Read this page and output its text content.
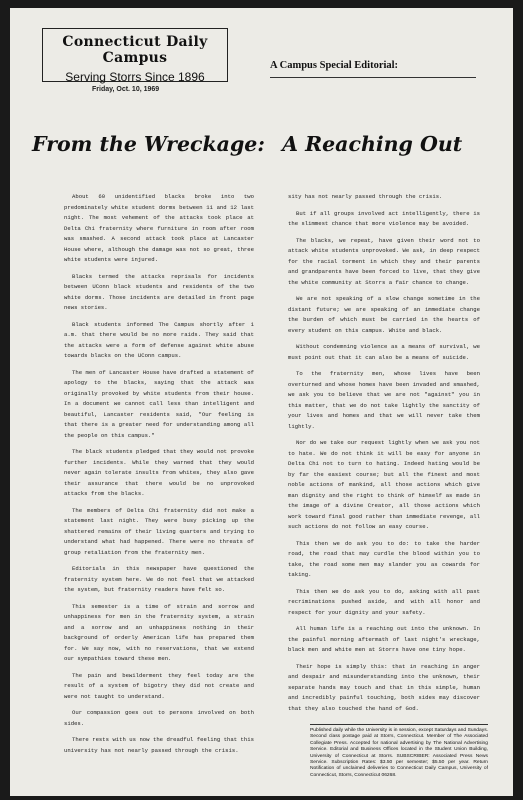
Connecticut Daily Campus
Serving Storrs Since 1896
Friday, Oct. 10, 1969
A Campus Special Editorial:
From the Wreckage: A Reaching Out

About 60 unidentified blacks broke into two predominately white student dorms between 11 and 12 last night. The most vehement of the attacks took place at Delta Chi fraternity where furniture in room after room was smashed. A second attack took place at Lancaster House where, although the damage was not so great, three white students were injured.

Blacks termed the attacks reprisals for incidents between UConn black students and residents of the two white dorms. Those incidents are detailed in front page news stories.

Black students informed The Campus shortly after 1 a.m. that there would be no more raids. They said that the attacks were a form of defense against white abuse towards blacks on the UConn campus.

The men of Lancaster House have drafted a statement of apology to the blacks, saying that the attack was originally provoked by white students from their house. In a document we cannot call less than intelligent and beautiful, Lancaster residents said, "Our feeling is that there is a greater need for understanding among all the people on this campus."

The black students pledged that they would not provoke further incidents. While they warned that they would never again tolerate insults from whites, they also gave their assurance that there would be no unprovoked attacks from the blacks.

The members of Delta Chi fraternity did not make a statement last night. They were busy picking up the shattered remains of their living quarters and trying to understand what had happened. There were no threats of group retaliation from the fraternity men.

Editorials in this newspaper have questioned the fraternity system here. We do not feel that we attacked the system, but fraternity readers have felt so.

This semester is a time of strain and sorrow and unhappiness for men in the fraternity system, a strain and a sorrow and an unhappiness nothing in their background of orderly American life has prepared them for. We say now, with no reservations, that we extend our sympathies toward these men.

The pain and bewilderment they feel today are the result of a system of bigotry they did not create and were not taught to understand.

Our compassion goes out to persons involved on both sides.

There rests with us now the dreadful feeling that this university has not nearly passed through the crisis.

sity has not nearly passed through the crisis.

But if all groups involved act intelligently, there is the slimmest chance that more violence may be avoided.

The blacks, we repeat, have given their word not to attack white students unprovoked. We ask, in deep respect for the racial torment in which they and their parents and grandparents have been forced to live, that they give the white community at Storrs a fair chance to change.

We are not speaking of a slow change sometime in the distant future; we are speaking of an immediate change the burden of which must be carried in the hearts of every student on this campus. White and black.

Without condemning violence as a means of survival, we must point out that it can also be a means of suicide.

To the fraternity men, whose lives have been overturned and whose homes have been invaded and smashed, we ask you to believe that we are not "against" you in this matter, that we do not take lightly the sanctity of your lives and homes and that we will never take them lightly.

Nor do we take our request lightly when we ask you not to hate. We do not think it will be easy for anyone in Delta Chi not to turn to hating. Indeed hating would be by far the easiest course; but all the finest and most noble actions of mankind, all those actions which give man dignity and the right to think of himself as made in the image of a divine Creator, all those actions which work toward final good rather than immediate revenge, all such actions do not follow an easy course.

This then we do ask you to do: to take the harder road, the road that may curdle the blood within you to take, the road some men may slander you as cowards for taking.

This then we do ask you to do, asking with all past recriminations pushed aside, and with all honor and respect for your dignity and your safety.

All human life is a reaching out into the unknown. In the painful morning aftermath of last night's wreckage, black men and white men at Storrs have one tiny hope.

Their hope is simply this: that in reaching in anger and despair and misunderstanding into the unknown, their separate hands may touch and that in this simple, human and incredibly painful touching, both sides may discover that they also touched the hand of God.

Published daily while the University is in session, except Saturdays and Sundays. Second class postage paid at Storrs, Connecticut. Member of The Associated Collegiate Press. Accepted for national advertising by The National Advertising Service. Editorial and Business Offices located in the Student Union Building, University of Connecticut at Storrs. SUBSCRIBER: Associated Press News Service. Subscription Rates: $3.50 per semester; $5.50 per year. Return Notification of unclaimed deliveries to Connecticut Daily Campus, University of Connecticut, Storrs, Connecticut 06268.
